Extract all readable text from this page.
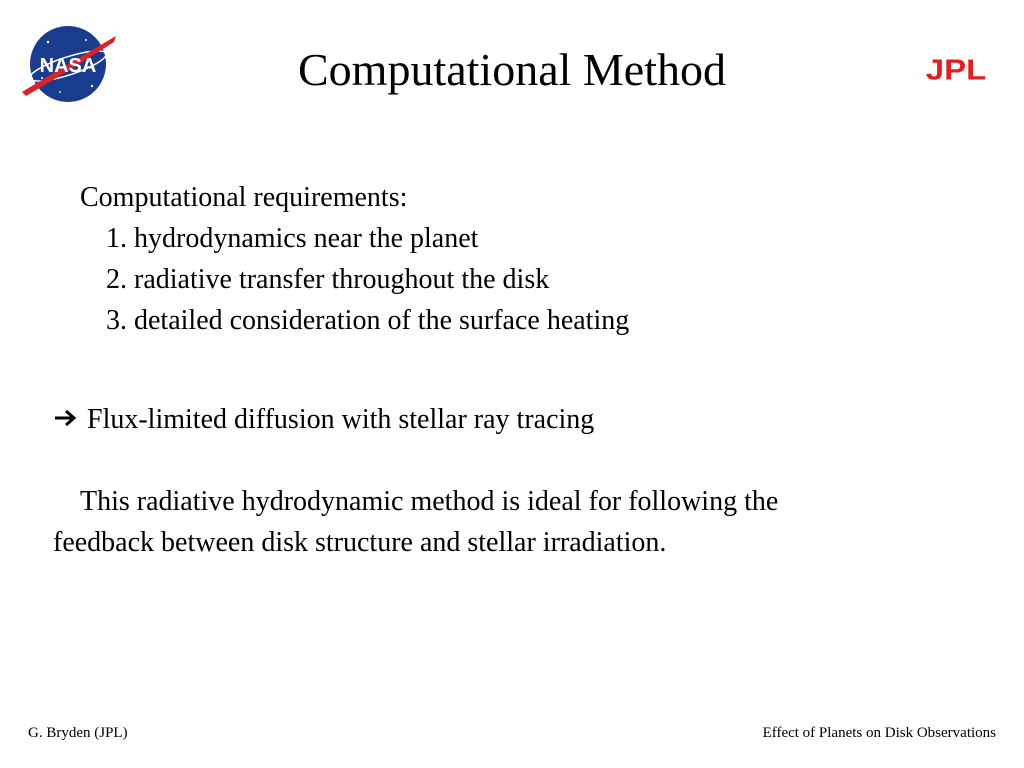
NASA	JPL
Computational Method

Computational requirements:

1. hydrodynamics near the planet

2. radiative transfer throughout the disk

3. detailed consideration of the surface heating

Flux-limited diffusion with stellar ray tracing

This radiative hydrodynamic method is ideal for following the

feedback between disk structure and stellar irradiation.

G. Bryden (JPL)	Effect of Planets on Disk Observations
